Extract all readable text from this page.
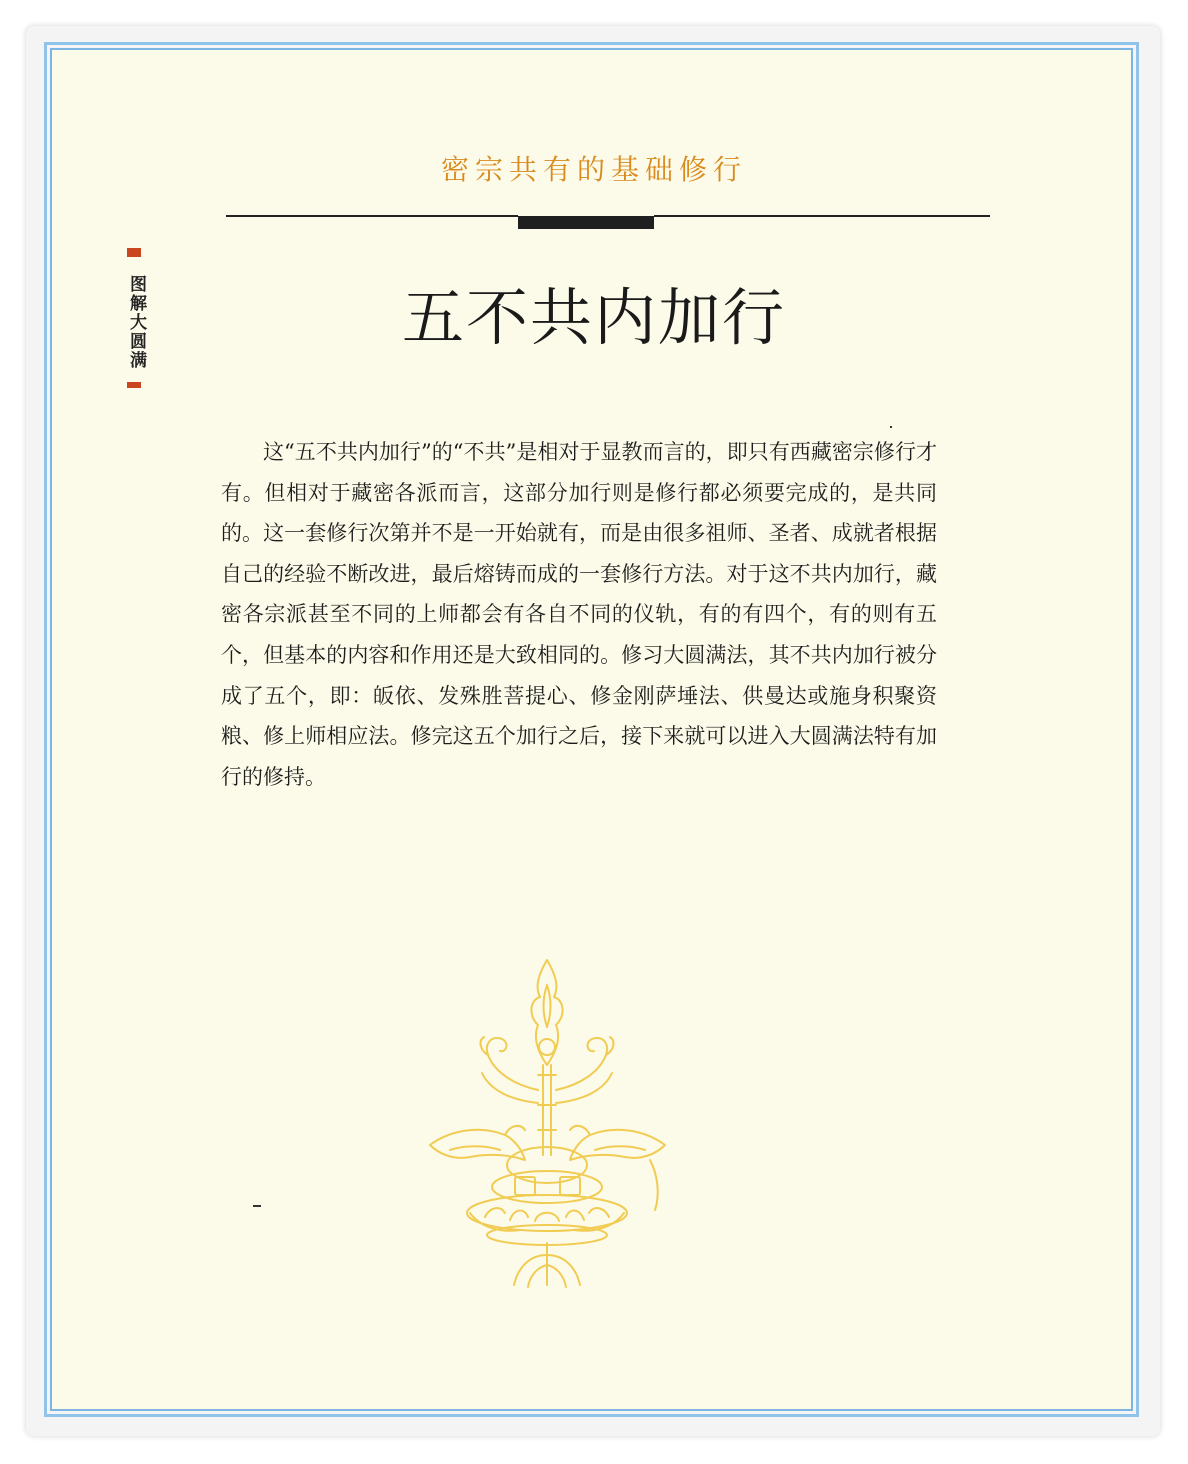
密宗共有的基础修行
图解大圆满	五不共内加行

这“五不共内加行”的“不共”是相对于显教而言的，即只有西藏密宗修行才有。但相对于藏密各派而言，这部分加行则是修行都必须要完成的，是共同的。这一套修行次第并不是一开始就有，而是由很多祖师、圣者、成就者根据自己的经验不断改进，最后熔铸而成的一套修行方法。对于这不共内加行，藏密各宗派甚至不同的上师都会有各自不同的仪轨，有的有四个，有的则有五个，但基本的内容和作用还是大致相同的。修习大圆满法，其不共内加行被分成了五个，即：皈依、发殊胜菩提心、修金刚萨埵法、供曼达或施身积聚资粮、修上师相应法。修完这五个加行之后，接下来就可以进入大圆满法特有加行的修持。
